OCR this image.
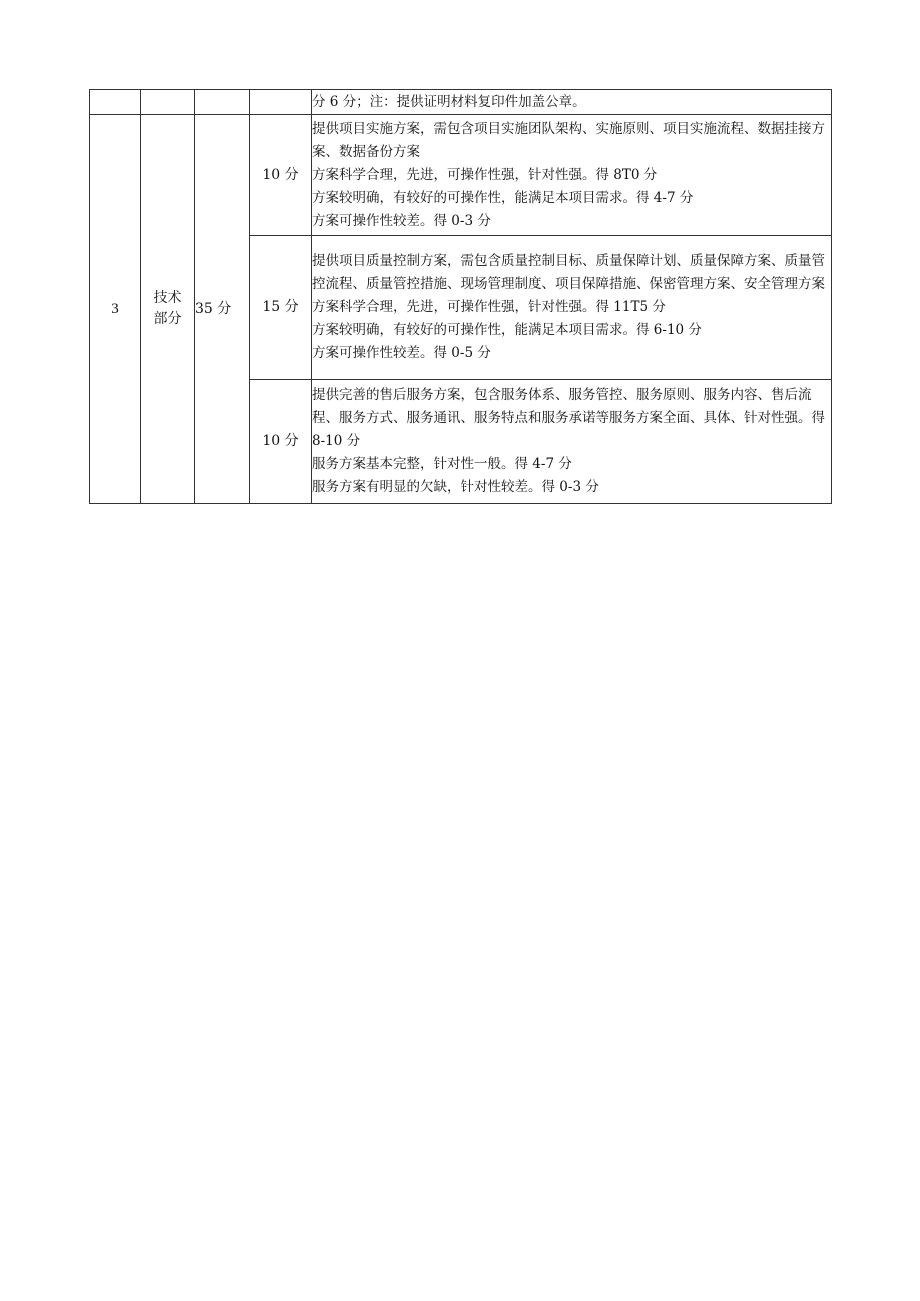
				分 6 分；注：提供证明材料复印件加盖公章。

3	技术
部分	35 分	10 分	提供项目实施方案，需包含项目实施团队架构、实施原则、项目实施流程、数据挂接方案、数据备份方案
方案科学合理，先进，可操作性强，针对性强。得 8T0 分
方案较明确，有较好的可操作性，能满足本项目需求。得 4-7 分
方案可操作性较差。得 0-3 分

			15 分	提供项目质量控制方案，需包含质量控制目标、质量保障计划、质量保障方案、质量管控流程、质量管控措施、现场管理制度、项目保障措施、保密管理方案、安全管理方案
方案科学合理，先进，可操作性强，针对性强。得 11T5 分
方案较明确，有较好的可操作性，能满足本项目需求。得 6-10 分
方案可操作性较差。得 0-5 分

			10 分	提供完善的售后服务方案，包含服务体系、服务管控、服务原则、服务内容、售后流程、服务方式、服务通讯、服务特点和服务承诺等服务方案全面、具体、针对性强。得 8-10 分
服务方案基本完整，针对性一般。得 4-7 分
服务方案有明显的欠缺，针对性较差。得 0-3 分
